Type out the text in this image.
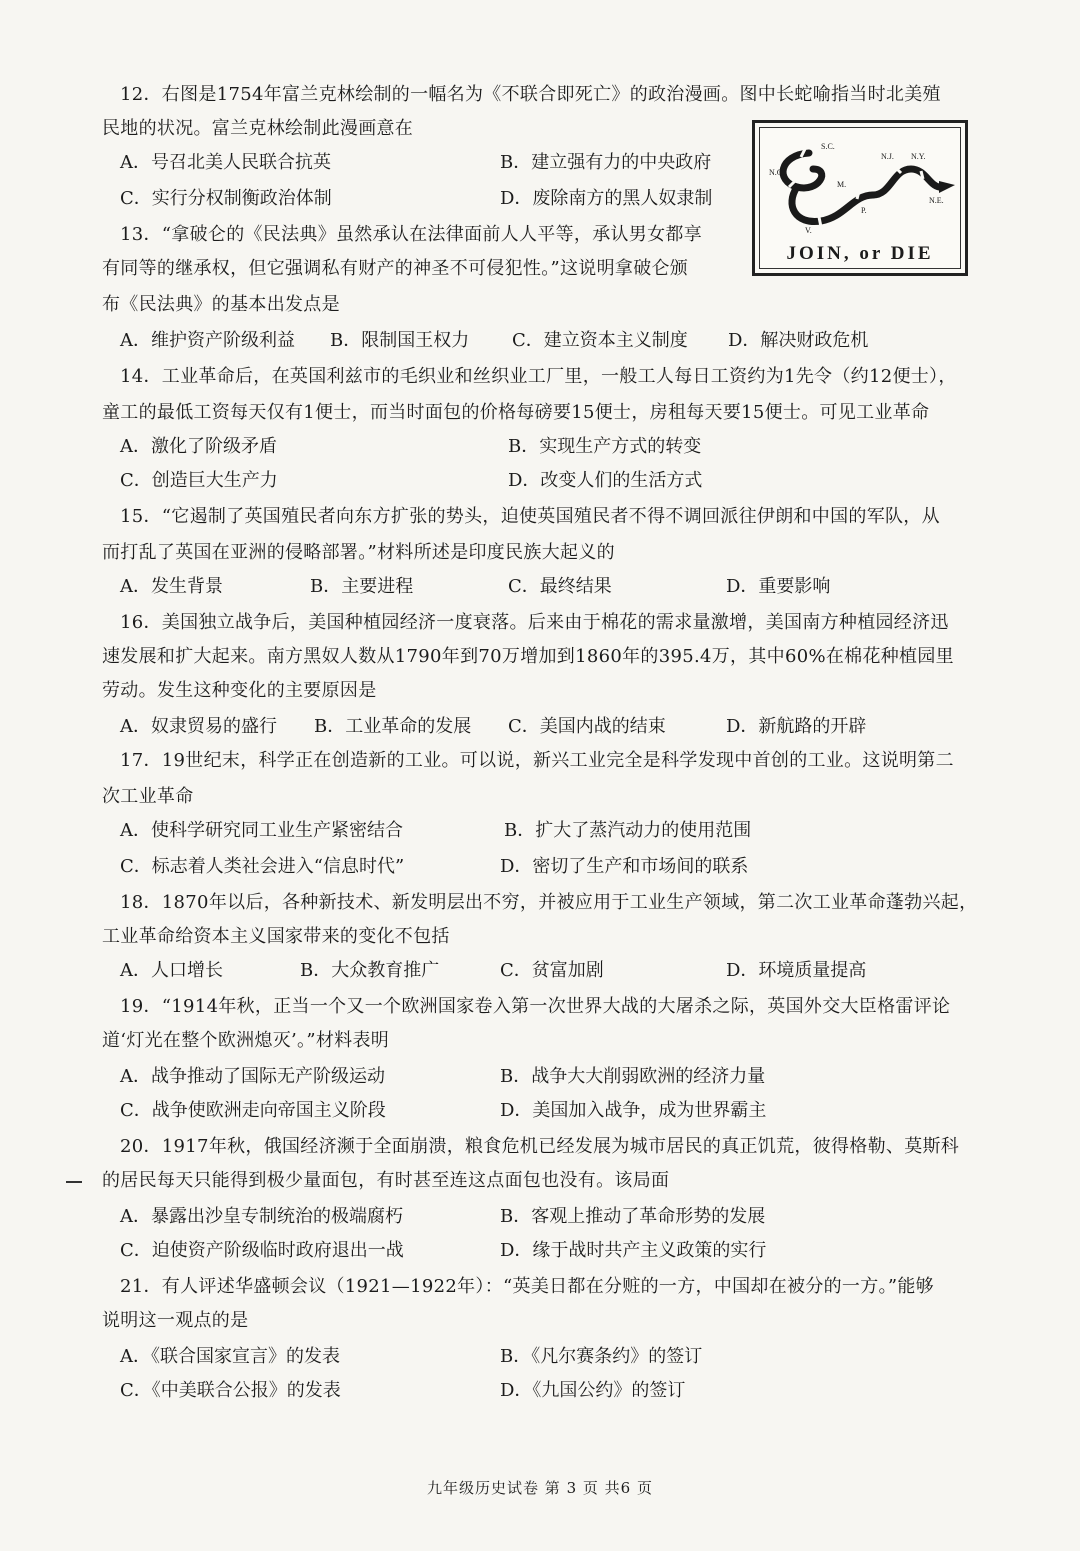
12．右图是1754年富兰克林绘制的一幅名为《不联合即死亡》的政治漫画。图中长蛇喻指当时北美殖

民地的状况。富兰克林绘制此漫画意在

A．号召北美人民联合抗英	B．建立强有力的中央政府
C．实行分权制衡政治体制	D．废除南方的黑人奴隶制
S.C.
N.C.
V.
M.
P.
N.J. N.Y.
N.E.
JOIN, or DIE

13．“拿破仑的《民法典》虽然承认在法律面前人人平等，承认男女都享

有同等的继承权，但它强调私有财产的神圣不可侵犯性。”这说明拿破仑颁

布《民法典》的基本出发点是

A．维护资产阶级利益 B．限制国王权力 C．建立资本主义制度 D．解决财政危机

14．工业革命后，在英国利兹市的毛织业和丝织业工厂里，一般工人每日工资约为1先令（约12便士），

童工的最低工资每天仅有1便士，而当时面包的价格每磅要15便士，房租每天要15便士。可见工业革命

A．激化了阶级矛盾	B．实现生产方式的转变
C．创造巨大生产力	D．改变人们的生活方式

15．“它遏制了英国殖民者向东方扩张的势头，迫使英国殖民者不得不调回派往伊朗和中国的军队，从

而打乱了英国在亚洲的侵略部署。”材料所述是印度民族大起义的

A．发生背景	B．主要进程	C．最终结果	D．重要影响

16．美国独立战争后，美国种植园经济一度衰落。后来由于棉花的需求量激增，美国南方种植园经济迅

速发展和扩大起来。南方黑奴人数从1790年到70万增加到1860年的395.4万，其中60%在棉花种植园里

劳动。发生这种变化的主要原因是

A．奴隶贸易的盛行 B．工业革命的发展 C．美国内战的结束	D．新航路的开辟

17．19世纪末，科学正在创造新的工业。可以说，新兴工业完全是科学发现中首创的工业。这说明第二

次工业革命

A．使科学研究同工业生产紧密结合	B．扩大了蒸汽动力的使用范围
C．标志着人类社会进入“信息时代”	D．密切了生产和市场间的联系

18．1870年以后，各种新技术、新发明层出不穷，并被应用于工业生产领域，第二次工业革命蓬勃兴起，

工业革命给资本主义国家带来的变化不包括

A．人口增长	B．大众教育推广	C．贫富加剧	D．环境质量提高

19．“1914年秋，正当一个又一个欧洲国家卷入第一次世界大战的大屠杀之际，英国外交大臣格雷评论

道‘灯光在整个欧洲熄灭’。”材料表明

A．战争推动了国际无产阶级运动	B．战争大大削弱欧洲的经济力量
C．战争使欧洲走向帝国主义阶段	D．美国加入战争，成为世界霸主

20．1917年秋，俄国经济濒于全面崩溃，粮食危机已经发展为城市居民的真正饥荒，彼得格勒、莫斯科

的居民每天只能得到极少量面包，有时甚至连这点面包也没有。该局面

A．暴露出沙皇专制统治的极端腐朽	B．客观上推动了革命形势的发展
C．迫使资产阶级临时政府退出一战	D．缘于战时共产主义政策的实行

21．有人评述华盛顿会议（1921—1922年）：“英美日都在分赃的一方，中国却在被分的一方。”能够

说明这一观点的是

A．《联合国家宣言》的发表	B．《凡尔赛条约》的签订
C．《中美联合公报》的发表	D．《九国公约》的签订
九年级历史试卷 第 3 页 共6 页
